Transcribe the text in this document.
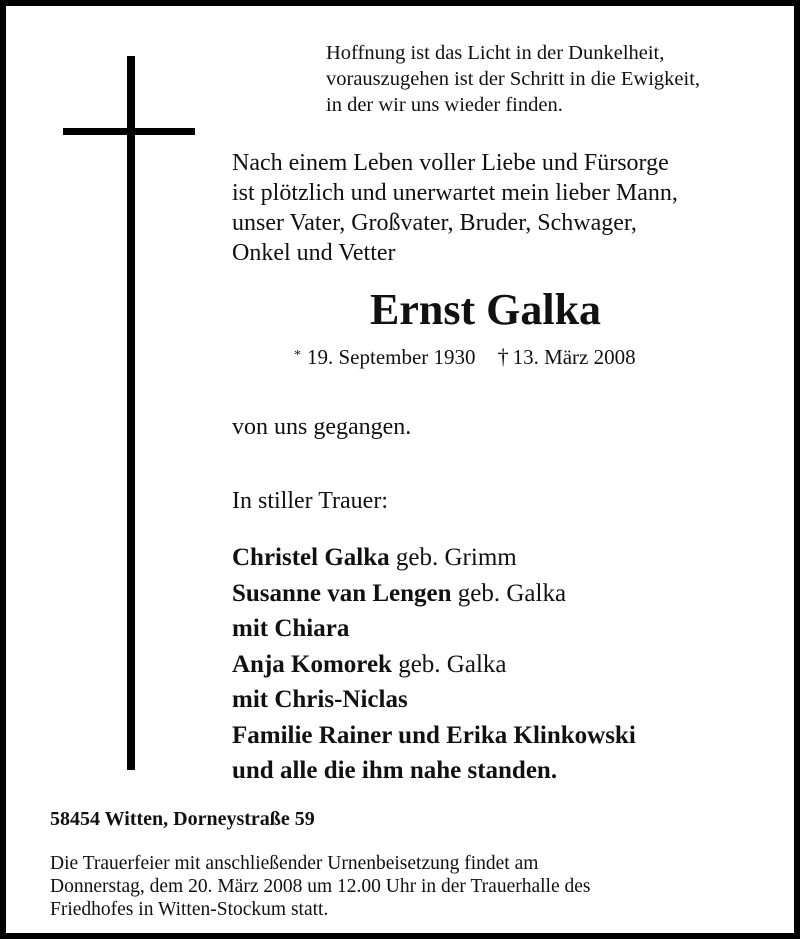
Hoffnung ist das Licht in der Dunkelheit,
vorauszugehen ist der Schritt in die Ewigkeit,
in der wir uns wieder finden.
Nach einem Leben voller Liebe und Fürsorge
ist plötzlich und unerwartet mein lieber Mann,
unser Vater, Großvater, Bruder, Schwager,
Onkel und Vetter
Ernst Galka
* 19. September 1930 † 13. März 2008
von uns gegangen.
In stiller Trauer:
Christel Galka geb. Grimm
Susanne van Lengen geb. Galka
mit Chiara
Anja Komorek geb. Galka
mit Chris-Niclas
Familie Rainer und Erika Klinkowski
und alle die ihm nahe standen.
58454 Witten, Dorneystraße 59
Die Trauerfeier mit anschließender Urnenbeisetzung findet am
Donnerstag, dem 20. März 2008 um 12.00 Uhr in der Trauerhalle des
Friedhofes in Witten-Stockum statt.
